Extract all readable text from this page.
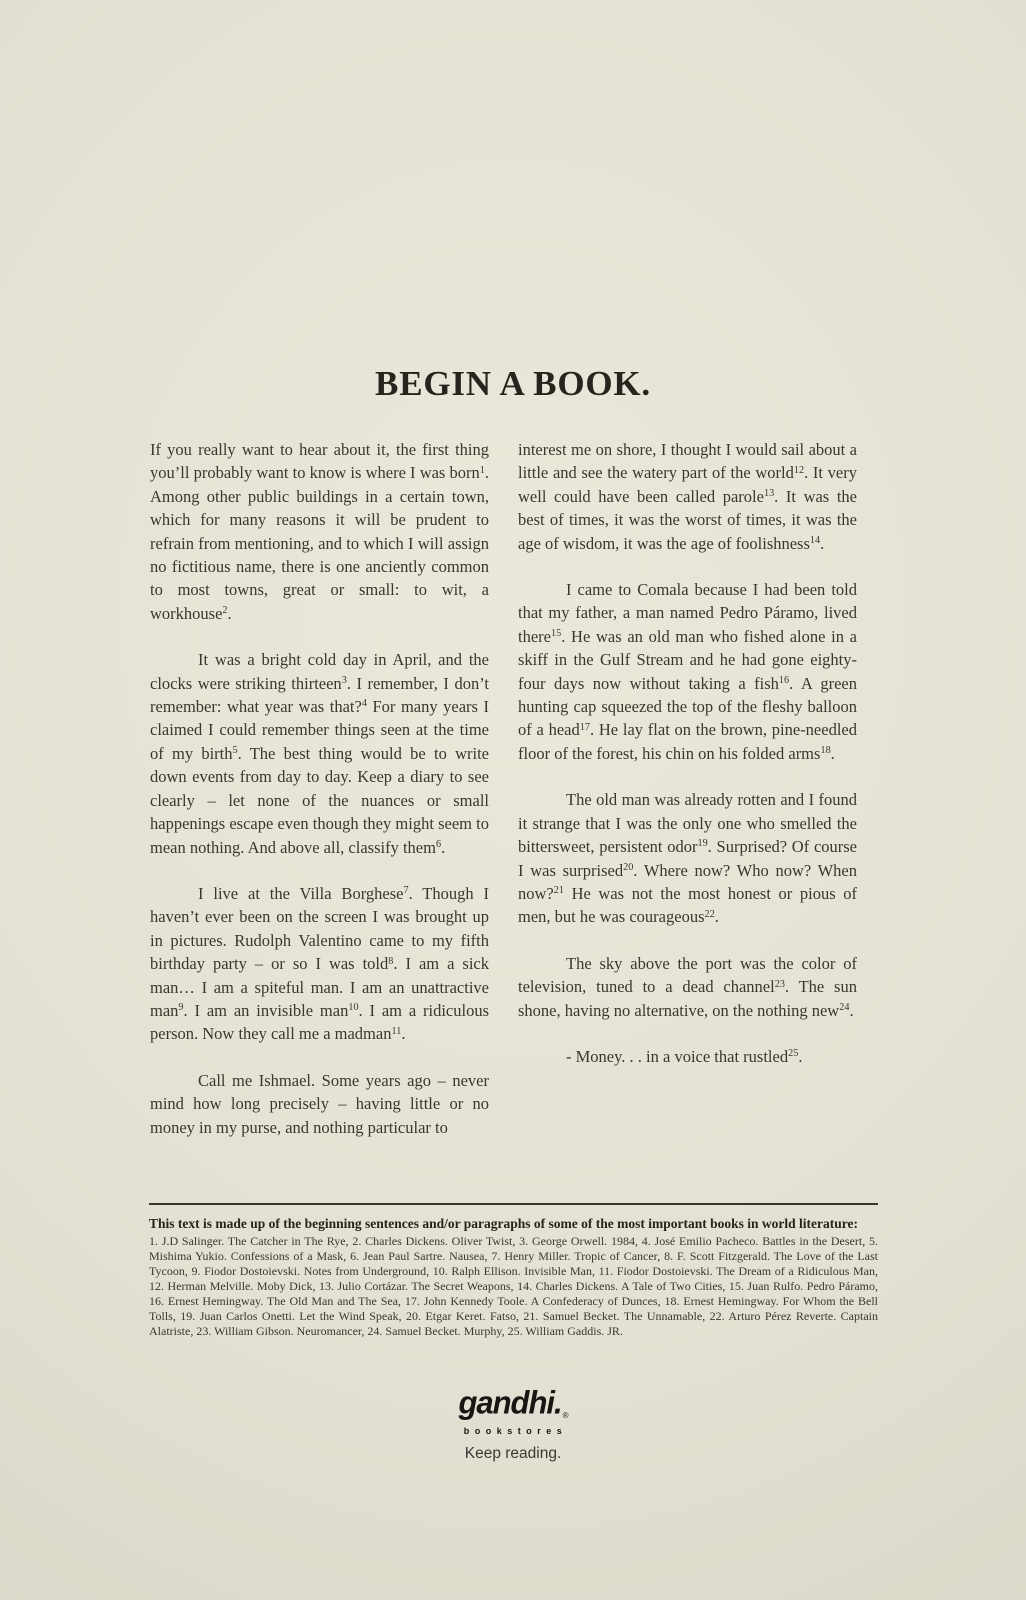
BEGIN A BOOK.

If you really want to hear about it, the first thing you’ll probably want to know is where I was born$^1$. Among other public buildings in a certain town, which for many reasons it will be prudent to refrain from mentioning, and to which I will assign no fictitious name, there is one anciently common to most towns, great or small: to wit, a workhouse$^2$.

It was a bright cold day in April, and the clocks were striking thirteen$^3$. I remember, I don’t remember: what year was that?$^4$ For many years I claimed I could remember things seen at the time of my birth$^5$. The best thing would be to write down events from day to day. Keep a diary to see clearly – let none of the nuances or small happenings escape even though they might seem to mean nothing. And above all, classify them$^6$.

I live at the Villa Borghese$^7$. Though I haven’t ever been on the screen I was brought up in pictures. Rudolph Valentino came to my fifth birthday party – or so I was told$^8$. I am a sick man… I am a spiteful man. I am an unattractive man$^9$. I am an invisible man$^{10}$. I am a ridiculous person. Now they call me a madman$^{11}$.

Call me Ishmael. Some years ago – never mind how long precisely – having little or no money in my purse, and nothing particular to

interest me on shore, I thought I would sail about a little and see the watery part of the world$^{12}$. It very well could have been called parole$^{13}$. It was the best of times, it was the worst of times, it was the age of wisdom, it was the age of foolishness$^{14}$.

I came to Comala because I had been told that my father, a man named Pedro Páramo, lived there$^{15}$. He was an old man who fished alone in a skiff in the Gulf Stream and he had gone eighty-four days now without taking a fish$^{16}$. A green hunting cap squeezed the top of the fleshy balloon of a head$^{17}$. He lay flat on the brown, pine-needled floor of the forest, his chin on his folded arms$^{18}$.

The old man was already rotten and I found it strange that I was the only one who smelled the bittersweet, persistent odor$^{19}$. Surprised? Of course I was surprised$^{20}$. Where now? Who now? When now?$^{21}$ He was not the most honest or pious of men, but he was courageous$^{22}$.

The sky above the port was the color of television, tuned to a dead channel$^{23}$. The sun shone, having no alternative, on the nothing new$^{24}$.

- Money. . . in a voice that rustled$^{25}$.

This text is made up of the beginning sentences and/or paragraphs of some of the most important books in world literature:
1. J.D Salinger. The Catcher in The Rye, 2. Charles Dickens. Oliver Twist, 3. George Orwell. 1984, 4. José Emilio Pacheco. Battles in the Desert, 5. Mishima Yukio. Confessions of a Mask, 6. Jean Paul Sartre. Nausea, 7. Henry Miller. Tropic of Cancer, 8. F. Scott Fitzgerald. The Love of the Last Tycoon, 9. Fiodor Dostoievski. Notes from Underground, 10. Ralph Ellison. Invisible Man, 11. Fiodor Dostoievski. The Dream of a Ridiculous Man, 12. Herman Melville. Moby Dick, 13. Julio Cortázar. The Secret Weapons, 14. Charles Dickens. A Tale of Two Cities, 15. Juan Rulfo. Pedro Páramo, 16. Ernest Hemingway. The Old Man and The Sea, 17. John Kennedy Toole. A Confederacy of Dunces, 18. Ernest Hemingway. For Whom the Bell Tolls, 19. Juan Carlos Onetti. Let the Wind Speak, 20. Etgar Keret. Fatso, 21. Samuel Becket. The Unnamable, 22. Arturo Pérez Reverte. Captain Alatriste, 23. William Gibson. Neuromancer, 24. Samuel Becket. Murphy, 25. William Gaddis. JR.
$gandhi._®$
bookstores
Keep reading.
